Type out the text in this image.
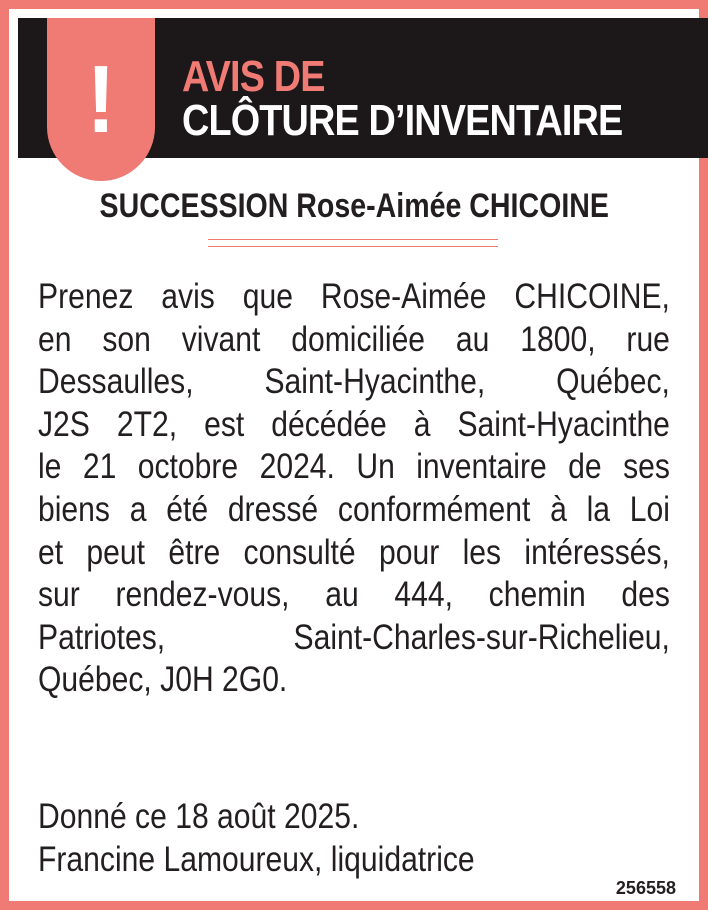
! AVIS DE
CLÔTURE D’INVENTAIRE
SUCCESSION Rose-Aimée CHICOINE
Prenez avis que Rose-Aimée CHICOINE,
en son vivant domiciliée au 1800, rue
Dessaulles, Saint-Hyacinthe, Québec,
J2S 2T2, est décédée à Saint-Hyacinthe
le 21 octobre 2024. Un inventaire de ses
biens a été dressé conformément à la Loi
et peut être consulté pour les intéressés,
sur rendez-vous, au 444, chemin des
Patriotes, Saint-Charles-sur-Richelieu,
Québec, J0H 2G0.
Donné ce 18 août 2025.
Francine Lamoureux, liquidatrice
256558
